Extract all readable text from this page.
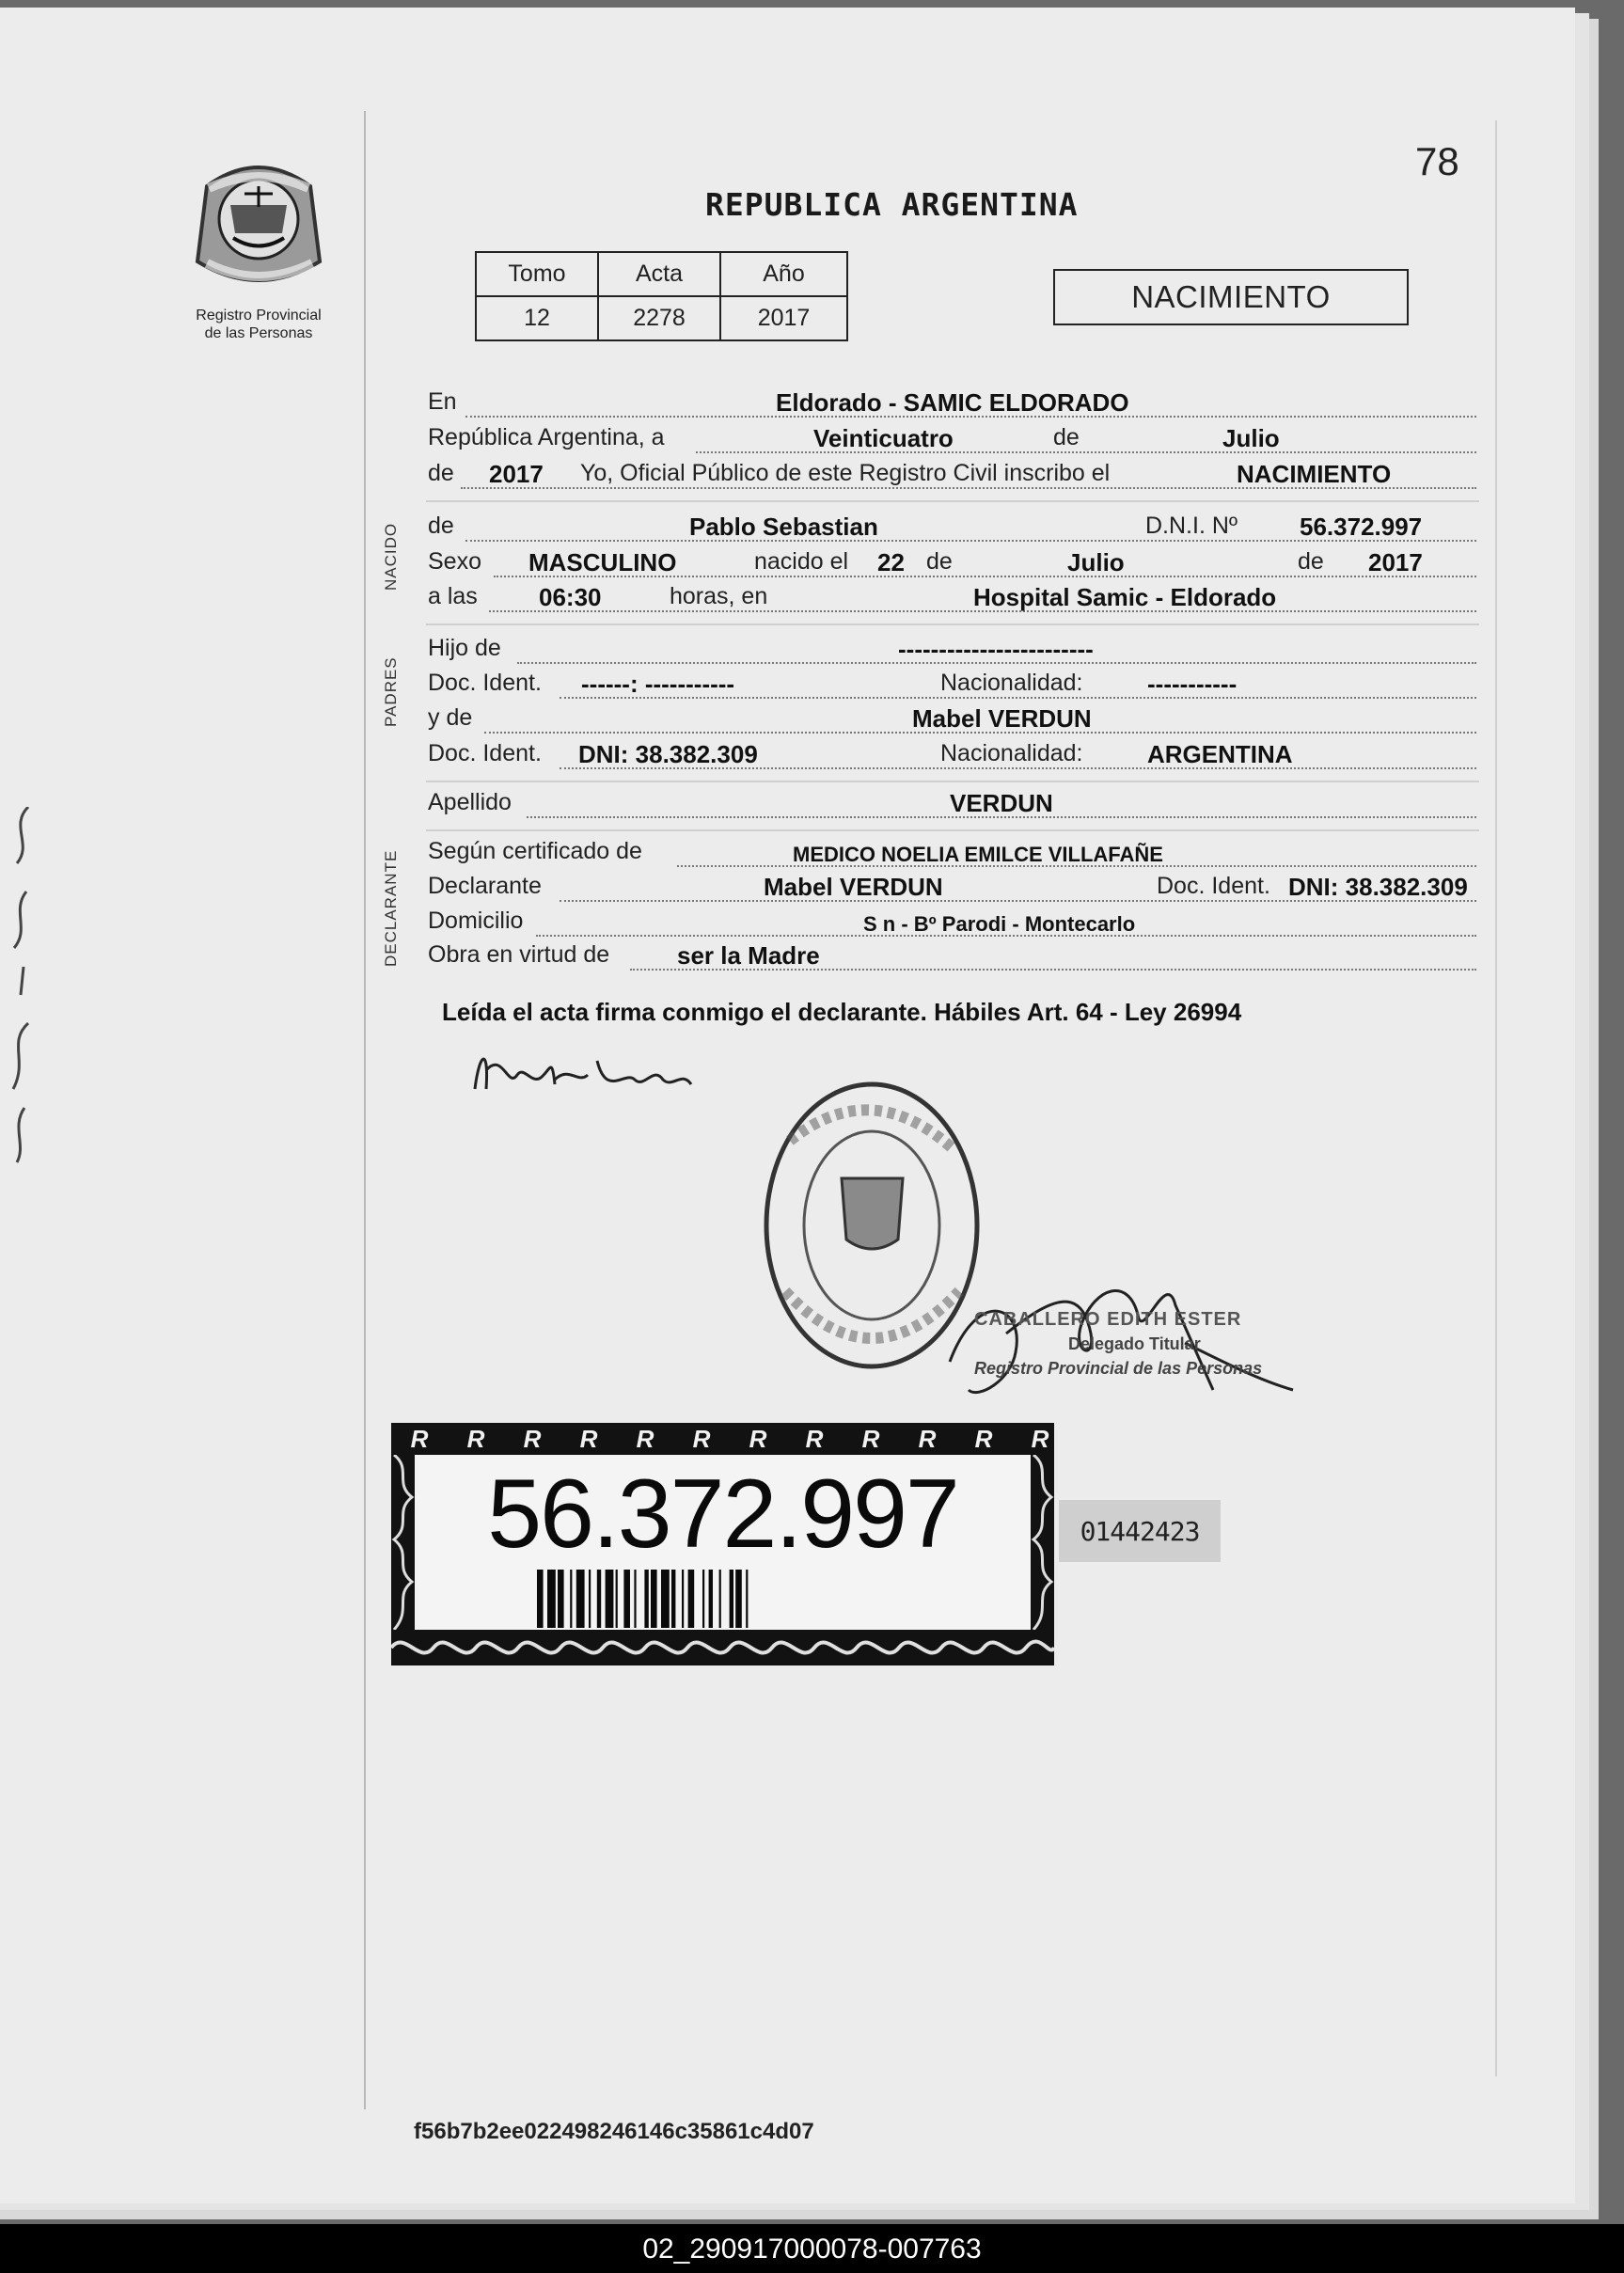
Registro Provincial
de las Personas
78
REPUBLICA ARGENTINA
Tomo	Acta	Año
12	2278	2017
NACIMIENTO
En	Eldorado - SAMIC ELDORADO
República Argentina, a	Veinticuatro	de	Julio
de 2017 Yo, Oficial Público de este Registro Civil inscribo el	NACIMIENTO
NACIDO de	Pablo Sebastian	D.N.I. Nº	56.372.997
Sexo MASCULINO	nacido el 22 de	Julio	de 2017
a las	06:30	horas, en	Hospital Samic - Eldorado
PADRES
Hijo de	------------------------
Doc. Ident. ------: -----------	Nacionalidad:	-----------
y de	Mabel VERDUN
Doc. Ident. DNI: 38.382.309	Nacionalidad:	ARGENTINA
Apellido	VERDUN
DECLARANTE Según certificado de	MEDICO NOELIA EMILCE VILLAFAÑE
Declarante	Mabel VERDUN	Doc. Ident. DNI: 38.382.309
Domicilio	S n - Bº Parodi - Montecarlo
Obra en virtud de	ser la Madre
Leída el acta firma conmigo el declarante. Hábiles Art. 64 - Ley 26994
CABALLERO EDITH ESTER
Delegado Titular
Registro Provincial de las Personas
R R R R R R R R R R R R
56.372.997	01442423
f56b7b2ee022498246146c35861c4d07
02_290917000078-007763
